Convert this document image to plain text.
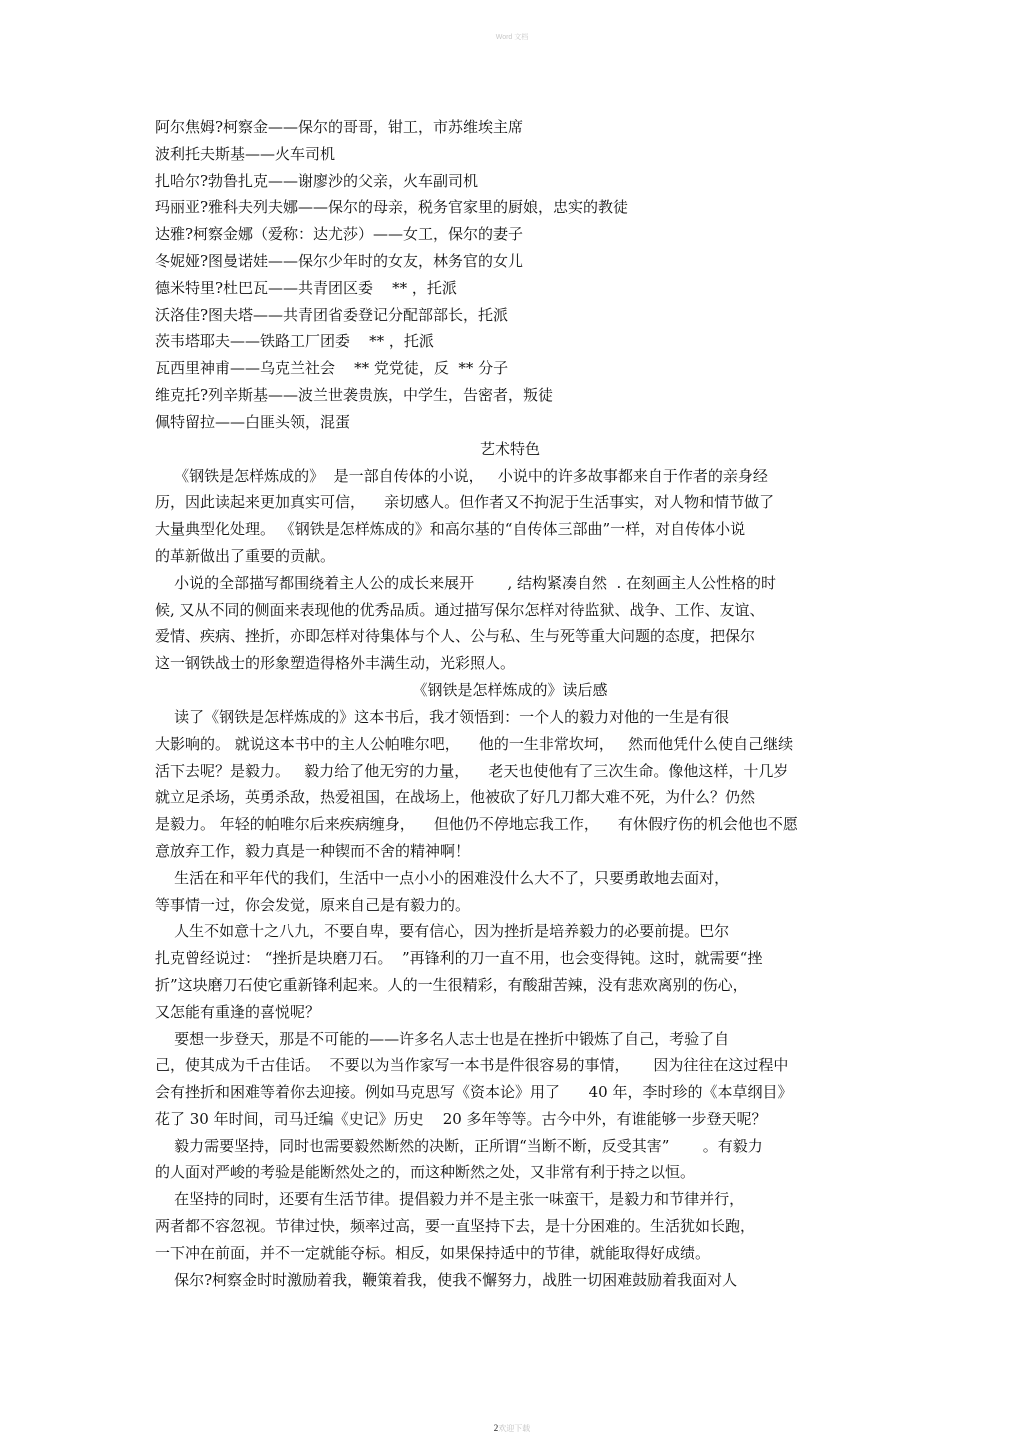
Word 文档
阿尔焦姆?柯察金——保尔的哥哥，钳工，市苏维埃主席
波利托夫斯基——火车司机
扎哈尔?勃鲁扎克——谢廖沙的父亲，火车副司机
玛丽亚?雅科夫列夫娜——保尔的母亲，税务官家里的厨娘，忠实的教徒
达雅?柯察金娜（爱称：达尤莎）——女工，保尔的妻子
冬妮娅?图曼诺娃——保尔少年时的女友，林务官的女儿
德米特里?杜巴瓦——共青团区委    ** ，托派
沃洛佳?图夫塔——共青团省委登记分配部部长，托派
茨韦塔耶夫——铁路工厂团委    ** ，托派
瓦西里神甫——乌克兰社会    ** 党党徒，反  ** 分子
维克托?列辛斯基——波兰世袭贵族，中学生，告密者，叛徒
佩特留拉——白匪头领，混蛋
艺术特色
《钢铁是怎样炼成的》  是一部自传体的小说，   小说中的许多故事都来自于作者的亲身经
历，因此读起来更加真实可信，    亲切感人。但作者又不拘泥于生活事实，对人物和情节做了
大量典型化处理。 《钢铁是怎样炼成的》和高尔基的“自传体三部曲”一样，对自传体小说
的革新做出了重要的贡献。
小说的全部描写都围绕着主人公的成长来展开       , 结构紧凑自然  . 在刻画主人公性格的时
候, 又从不同的侧面来表现他的优秀品质。通过描写保尔怎样对待监狱、战争、工作、友谊、
爱情、疾病、挫折，亦即怎样对待集体与个人、公与私、生与死等重大问题的态度，把保尔
这一钢铁战士的形象塑造得格外丰满生动，光彩照人。
《钢铁是怎样炼成的》读后感
读了《钢铁是怎样炼成的》这本书后，我才领悟到：一个人的毅力对他的一生是有很
大影响的。 就说这本书中的主人公帕唯尔吧，    他的一生非常坎坷，   然而他凭什么使自己继续
活下去呢？是毅力。   毅力给了他无穷的力量，    老天也使他有了三次生命。像他这样，十几岁
就立足杀场，英勇杀敌，热爱祖国，在战场上，他被砍了好几刀都大难不死，为什么？仍然
是毅力。 年轻的帕唯尔后来疾病缠身，    但他仍不停地忘我工作，    有休假疗伤的机会他也不愿
意放弃工作，毅力真是一种锲而不舍的精神啊！
生活在和平年代的我们，生活中一点小小的困难没什么大不了，只要勇敢地去面对，
等事情一过，你会发觉，原来自己是有毅力的。
人生不如意十之八九，不要自卑，要有信心，因为挫折是培养毅力的必要前提。巴尔
扎克曾经说过： “挫折是块磨刀石。  ”再锋利的刀一直不用，也会变得钝。这时，就需要“挫
折”这块磨刀石使它重新锋利起来。人的一生很精彩，有酸甜苦辣，没有悲欢离别的伤心，
又怎能有重逢的喜悦呢？
要想一步登天，那是不可能的——许多名人志士也是在挫折中锻炼了自己，考验了自
己，使其成为千古佳话。  不要以为当作家写一本书是件很容易的事情，     因为往往在这过程中
会有挫折和困难等着你去迎接。例如马克思写《资本论》用了      40 年，李时珍的《本草纲目》
花了 30 年时间，司马迁编《史记》历史    20 多年等等。古今中外，有谁能够一步登天呢？
毅力需要坚持，同时也需要毅然断然的决断，正所谓“当断不断，反受其害”       。有毅力
的人面对严峻的考验是能断然处之的，而这种断然之处，又非常有利于持之以恒。
在坚持的同时，还要有生活节律。提倡毅力并不是主张一味蛮干，是毅力和节律并行，
两者都不容忽视。节律过快，频率过高，要一直坚持下去，是十分困难的。生活犹如长跑，
一下冲在前面，并不一定就能夺标。相反，如果保持适中的节律，就能取得好成绩。
保尔?柯察金时时激励着我，鞭策着我，使我不懈努力，战胜一切困难鼓励着我面对人
2欢迎下载
